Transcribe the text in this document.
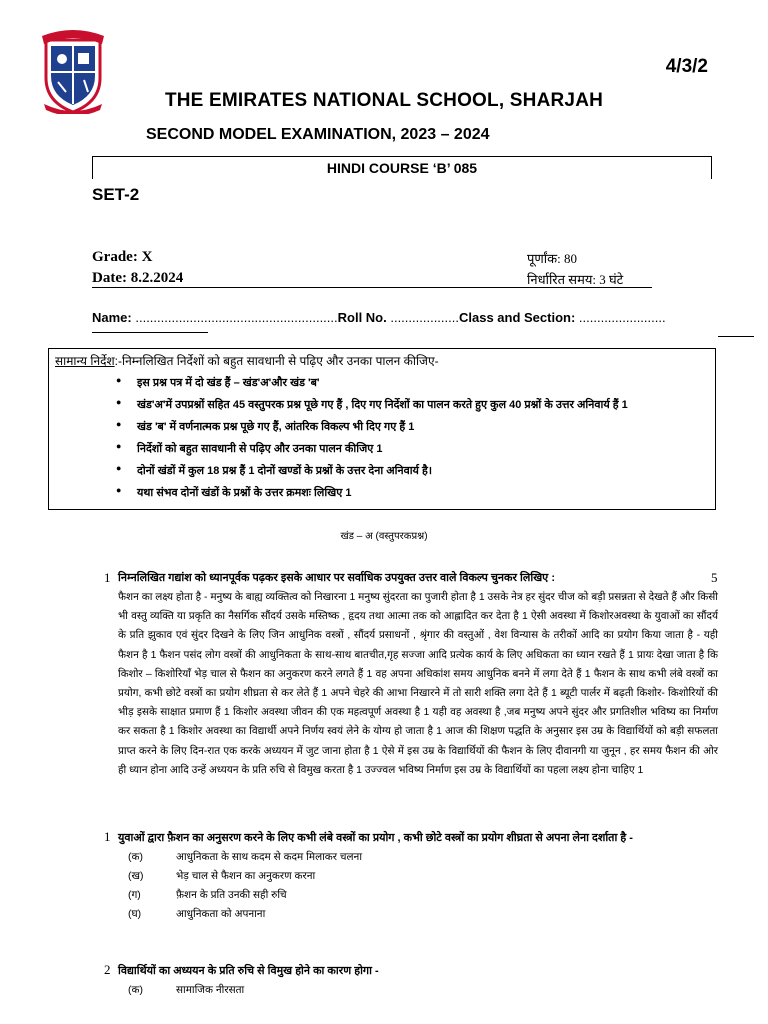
4/3/2
THE EMIRATES NATIONAL SCHOOL, SHARJAH
SECOND MODEL EXAMINATION, 2023 – 2024
HINDI COURSE ‘B’ 085
SET-2
Grade: X
Date: 8.2.2024
पूर्णांक: 80
निर्धारित समय: 3 घंटे
Name: ........................................................Roll No. ...................Class and Section: ........................
सामान्य निर्देश:-निम्नलिखित निर्देशों को बहुत सावधानी से पढ़िए और उनका पालन कीजिए-
● इस प्रश्न पत्र में दो खंड हैं – खंड'अ'और खंड 'ब'
● खंड'अ'में उपप्रश्नों सहित 45 वस्तुपरक प्रश्न पूछे गए हैं , दिए गए निर्देशों का पालन करते हुए कुल 40 प्रश्नों के उत्तर अनिवार्य हैं 1
● खंड 'ब' में वर्णनात्मक प्रश्न पूछे गए हैं, आंतरिक विकल्प भी दिए गए हैं 1
● निर्देशों को बहुत सावधानी से पढ़िए और उनका पालन कीजिए 1
● दोनों खंडों में कुल 18 प्रश्न हैं 1 दोनों खण्डों के प्रश्नों के उत्तर देना अनिवार्य है।
● यथा संभव दोनों खंडों के प्रश्नों के उत्तर क्रमशः लिखिए 1
खंड – अ (वस्तुपरकप्रश्न)
1 निम्नलिखित गद्यांश को ध्यानपूर्वक पढ़कर इसके आधार पर सर्वाधिक उपयुक्त उत्तर वाले विकल्प चुनकर लिखिए :	5
फैशन का लक्ष्य होता है - मनुष्य के बाह्य व्यक्तित्व को निखारना 1 मनुष्य सुंदरता का पुजारी होता है 1 उसके नेत्र हर सुंदर चीज को बड़ी प्रसन्नता से देखते हैं और किसी भी वस्तु व्यक्ति या प्रकृति का नैसर्गिक सौंदर्य उसके मस्तिष्क , हृदय तथा आत्मा तक को आह्लादित कर देता है 1 ऐसी अवस्था में किशोरअवस्था के युवाओं का सौंदर्य के प्रति झुकाव एवं सुंदर दिखने के लिए जिन आधुनिक वस्त्रों , सौंदर्य प्रसाधनों , श्रृंगार की वस्तुओं , वेश विन्यास के तरीकों आदि का प्रयोग किया जाता है - यही फैशन है 1 फैशन पसंद लोग वस्त्रों की आधुनिकता के साथ-साथ बातचीत,गृह सज्जा आदि प्रत्येक कार्य के लिए अधिकता का ध्यान रखते हैं 1 प्रायः देखा जाता है कि किशोर – किशोरियाँ भेड़ चाल से फैशन का अनुकरण करने लगते हैं 1 वह अपना अधिकांश समय आधुनिक बनने में लगा देते हैं 1 फैशन के साथ कभी लंबे वस्त्रों का प्रयोग, कभी छोटे वस्त्रों का प्रयोग शीघ्रता से कर लेते हैं 1 अपने चेहरे की आभा निखारने में तो सारी शक्ति लगा देते हैं 1 ब्यूटी पार्लर में बढ़ती किशोर- किशोरियों की भीड़ इसके साक्षात प्रमाण हैं 1 किशोर अवस्था जीवन की एक महत्वपूर्ण अवस्था है 1 यही वह अवस्था है ,जब मनुष्य अपने सुंदर और प्रगतिशील भविष्य का निर्माण कर सकता है 1 किशोर अवस्था का विद्यार्थी अपने निर्णय स्वयं लेने के योग्य हो जाता है 1 आज की शिक्षण पद्धति के अनुसार इस उम्र के विद्यार्थियों को बड़ी सफलता प्राप्त करने के लिए दिन-रात एक करके अध्ययन में जुट जाना होता है 1 ऐसे में इस उम्र के विद्यार्थियों की फैशन के लिए दीवानगी या जुनून , हर समय फैशन की ओर ही ध्यान होना आदि उन्हें अध्ययन के प्रति रुचि से विमुख करता है 1 उज्ज्वल भविष्य निर्माण इस उम्र के विद्यार्थियों का पहला लक्ष्य होना चाहिए 1
1 युवाओं द्वारा फ़ैशन का अनुसरण करने के लिए कभी लंबे वस्त्रों का प्रयोग , कभी छोटे वस्त्रों का प्रयोग शीघ्रता से अपना लेना दर्शाता है -
(क)	आधुनिकता के साथ कदम से कदम मिलाकर चलना
(ख)	भेड़ चाल से फैशन का अनुकरण करना
(ग)	फ़ैशन के प्रति उनकी सही रुचि
(घ)	आधुनिकता को अपनाना
2 विद्यार्थियों का अध्ययन के प्रति रुचि से विमुख होने का कारण होगा -
(क)	सामाजिक नीरसता
